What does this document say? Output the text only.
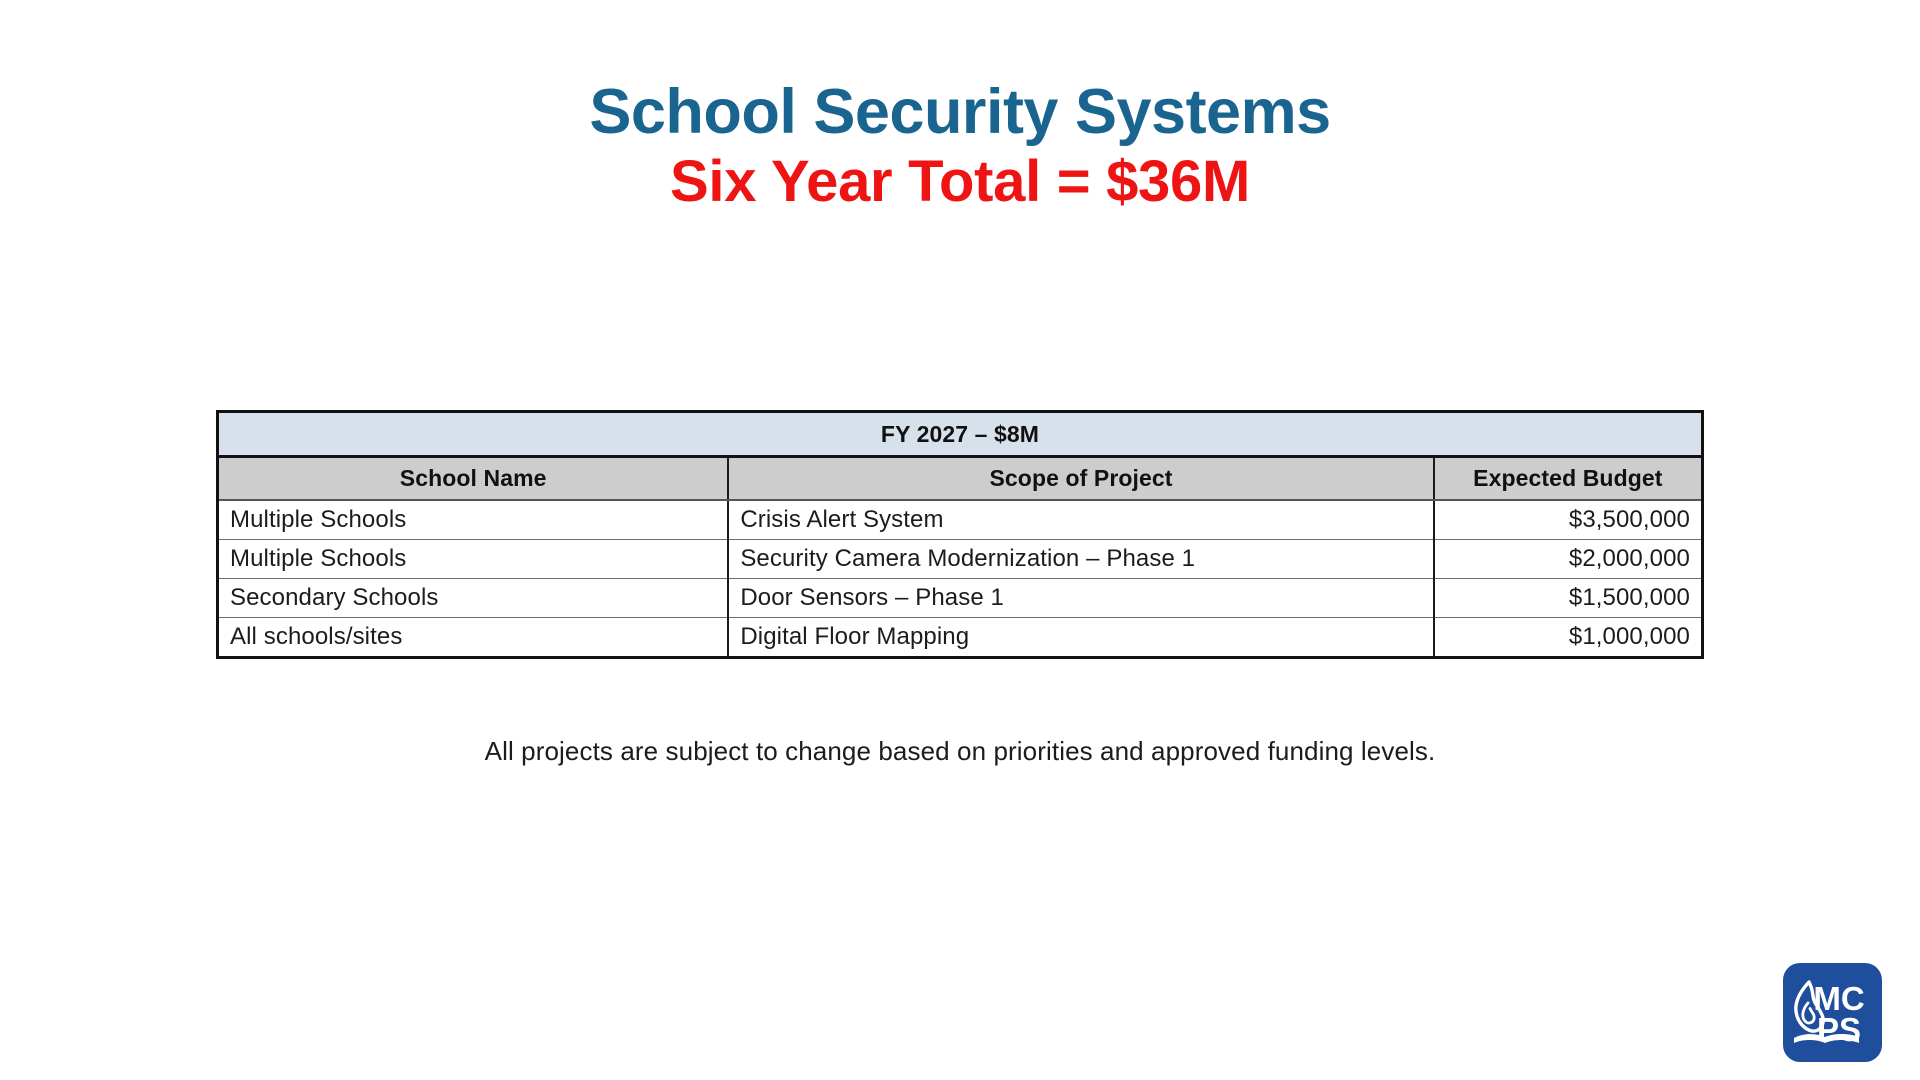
School Security Systems
Six Year Total = $36M
FY 2027 – $8M		
School Name	Scope of Project	Expected Budget
Multiple Schools	Crisis Alert System	$3,500,000
Multiple Schools	Security Camera Modernization – Phase 1	$2,000,000
Secondary Schools	Door Sensors – Phase 1	$1,500,000
All schools/sites	Digital Floor Mapping	$1,000,000
All projects are subject to change based on priorities and approved funding levels.
MC
PS
